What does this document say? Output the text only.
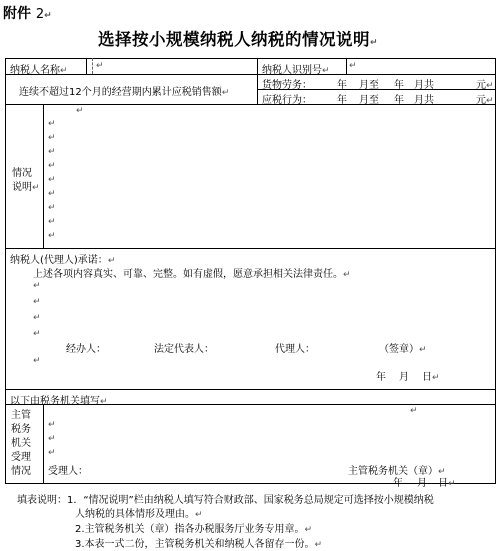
附件 2↵
选择按小规模纳税人纳税的情况说明↵
纳税人名称↵	↵	纳税人识别号↵ ↵
连续不超过12个月的经营期内累计应税销售额↵
货物劳务：	年 月至 年 月共	元↵
应税行为：	年 月至 年 月共	元↵
情况
说明↵
↵
↵
↵
↵
↵
↵
↵
↵
↵
↵
纳税人(代理人)承诺：↵
上述各项内容真实、可靠、完整。如有虚假，愿意承担相关法律责任。↵
↵
↵
↵
↵
经办人：	法定代表人：	代理人：	（签章）↵
↵
年 月 日↵
以下由税务机关填写↵
主管
税务
机关
受理
情况
↵
↵
↵
↵
受理人：	主管税务机关（章）↵
年 月 日↵
填表说明：1．“情况说明”栏由纳税人填写符合财政部、国家税务总局规定可选择按小规模纳税
人纳税的具体情形及理由。↵
2.主管税务机关（章）指各办税服务厅业务专用章。↵
3.本表一式二份，主管税务机关和纳税人各留存一份。↵
